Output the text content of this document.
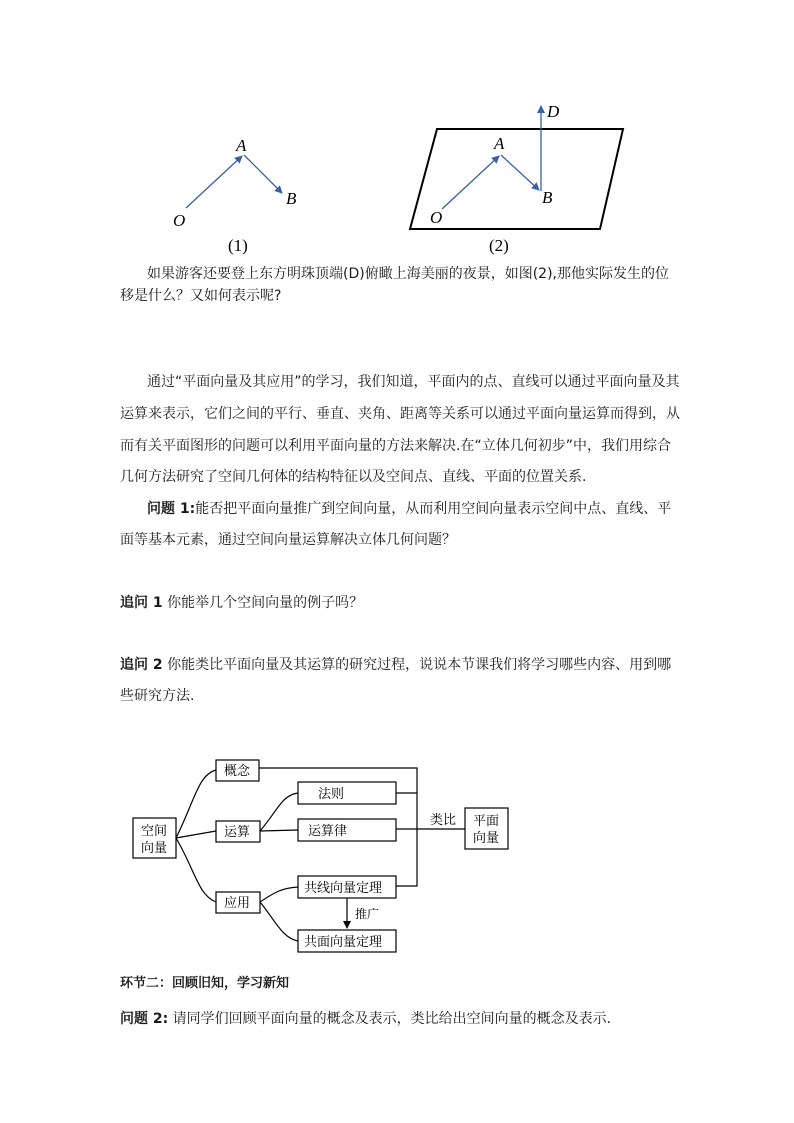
A
B
O
(1)
A
B
O
D
(2)
如果游客还要登上东方明珠顶端(D)俯瞰上海美丽的夜景，如图(2),那他实际发生的位
移是什么？又如何表示呢?
通过“平面向量及其应用”的学习，我们知道，平面内的点、直线可以通过平面向量及其
运算来表示，它们之间的平行、垂直、夹角、距离等关系可以通过平面向量运算而得到，从
而有关平面图形的问题可以利用平面向量的方法来解决.在“立体几何初步”中，我们用综合
几何方法研究了空间几何体的结构特征以及空间点、直线、平面的位置关系.
问题 1:能否把平面向量推广到空间向量，从而利用空间向量表示空间中点、直线、平
面等基本元素，通过空间向量运算解决立体几何问题？
追问 1 你能举几个空间向量的例子吗？
追问 2 你能类比平面向量及其运算的研究过程，说说本节课我们将学习哪些内容、用到哪
些研究方法.
空间
向量
概念
运算
应用
法则
运算律
共线向量定理
共面向量定理
推广
类比 平面
向量
环节二：回顾旧知，学习新知
问题 2: 请同学们回顾平面向量的概念及表示，类比给出空间向量的概念及表示．
